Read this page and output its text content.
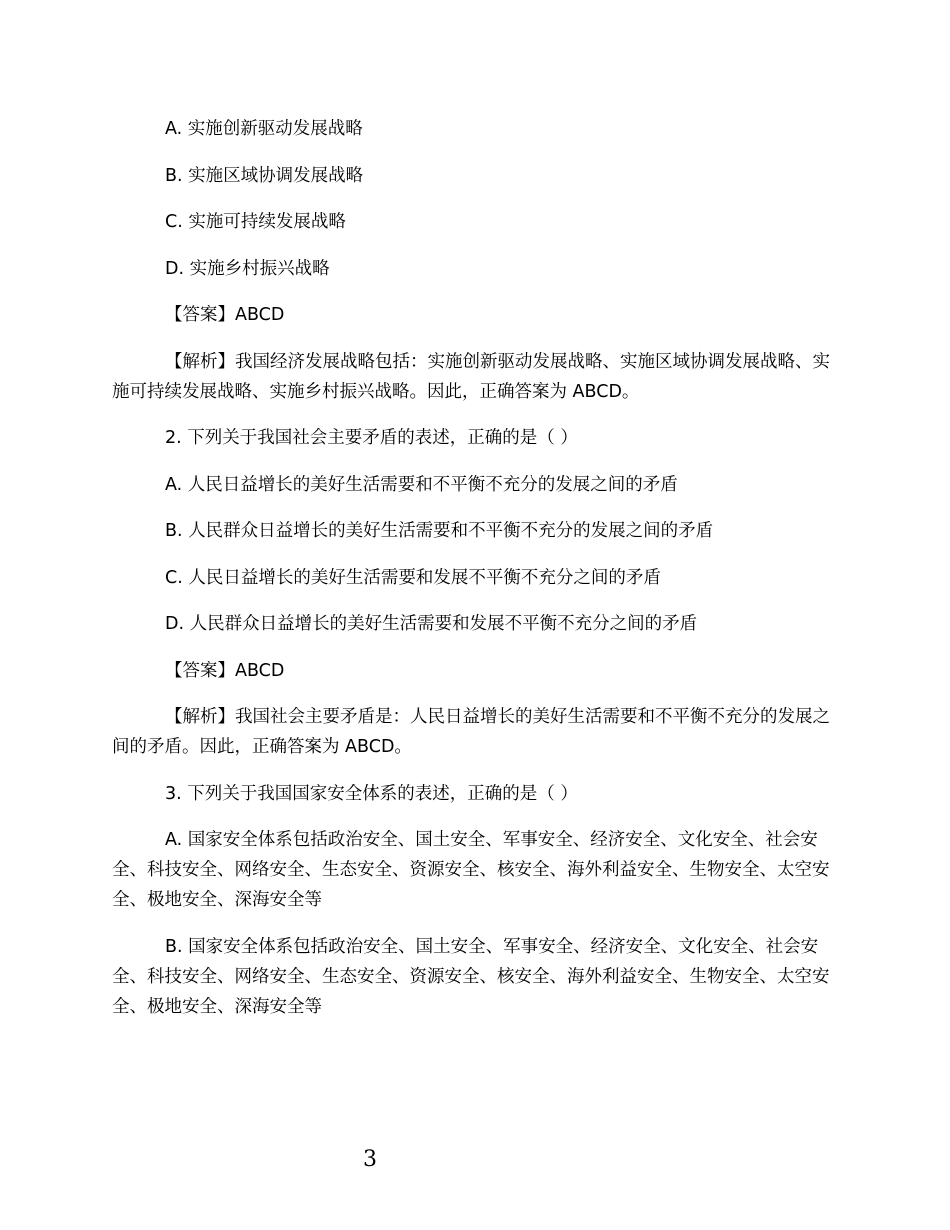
A. 实施创新驱动发展战略

B. 实施区域协调发展战略

C. 实施可持续发展战略

D. 实施乡村振兴战略

【答案】ABCD

【解析】我国经济发展战略包括：实施创新驱动发展战略、实施区域协调发展战略、实施可持续发展战略、实施乡村振兴战略。因此，正确答案为 ABCD。

2. 下列关于我国社会主要矛盾的表述，正确的是（ ）

A. 人民日益增长的美好生活需要和不平衡不充分的发展之间的矛盾

B. 人民群众日益增长的美好生活需要和不平衡不充分的发展之间的矛盾

C. 人民日益增长的美好生活需要和发展不平衡不充分之间的矛盾

D. 人民群众日益增长的美好生活需要和发展不平衡不充分之间的矛盾

【答案】ABCD

【解析】我国社会主要矛盾是：人民日益增长的美好生活需要和不平衡不充分的发展之间的矛盾。因此，正确答案为 ABCD。

3. 下列关于我国国家安全体系的表述，正确的是（ ）

A. 国家安全体系包括政治安全、国土安全、军事安全、经济安全、文化安全、社会安全、科技安全、网络安全、生态安全、资源安全、核安全、海外利益安全、生物安全、太空安全、极地安全、深海安全等

B. 国家安全体系包括政治安全、国土安全、军事安全、经济安全、文化安全、社会安全、科技安全、网络安全、生态安全、资源安全、核安全、海外利益安全、生物安全、太空安全、极地安全、深海安全等

3
